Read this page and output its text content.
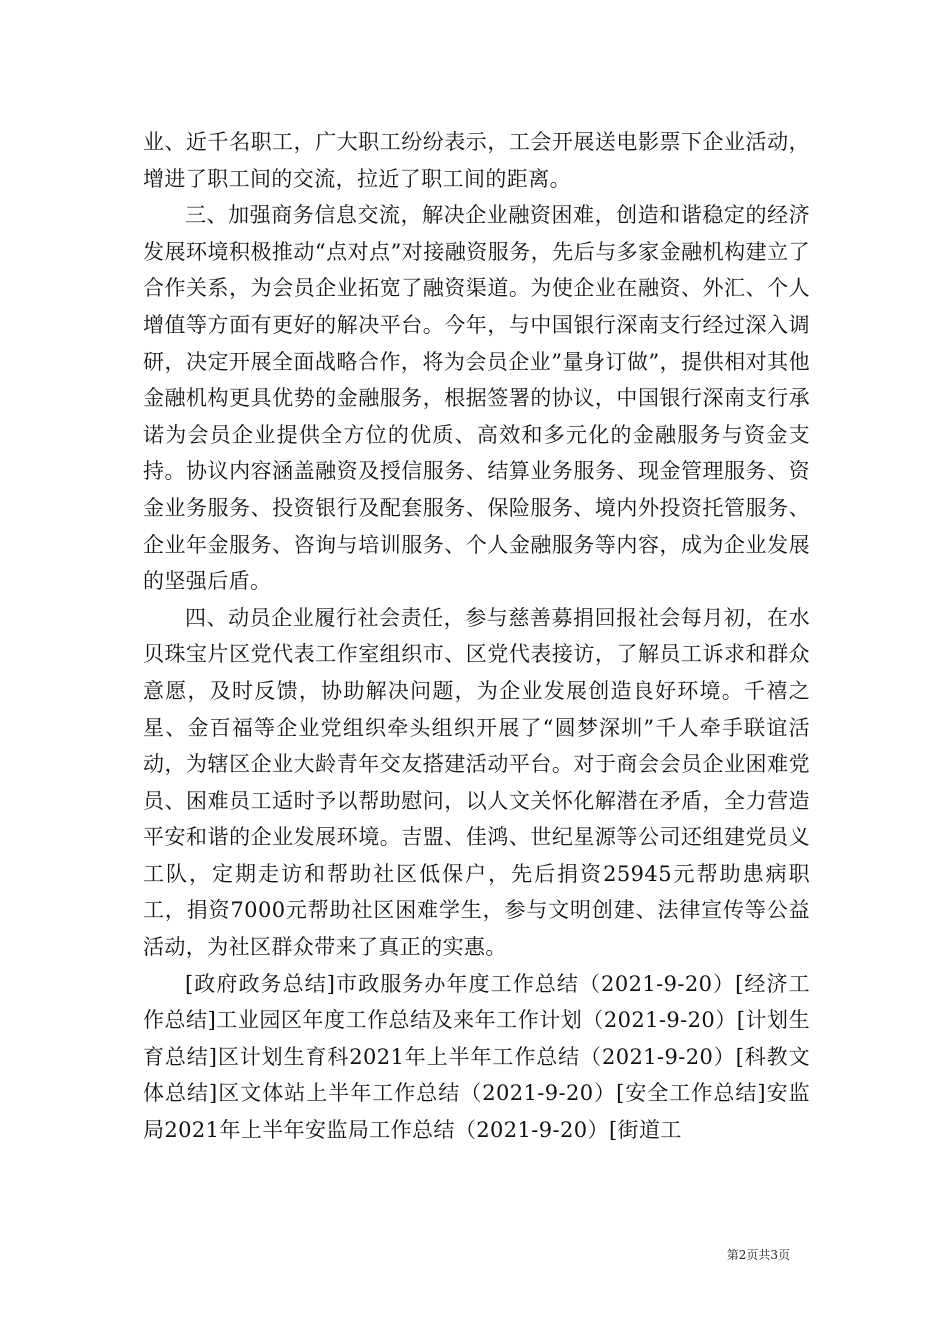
业、近千名职工，广大职工纷纷表示，工会开展送电影票下企业活动，增进了职工间的交流，拉近了职工间的距离。

三、加强商务信息交流，解决企业融资困难，创造和谐稳定的经济发展环境积极推动“点对点”对接融资服务，先后与多家金融机构建立了合作关系，为会员企业拓宽了融资渠道。为使企业在融资、外汇、个人增值等方面有更好的解决平台。今年，与中国银行深南支行经过深入调研，决定开展全面战略合作，将为会员企业”量身订做”，提供相对其他金融机构更具优势的金融服务，根据签署的协议，中国银行深南支行承诺为会员企业提供全方位的优质、高效和多元化的金融服务与资金支持。协议内容涵盖融资及授信服务、结算业务服务、现金管理服务、资金业务服务、投资银行及配套服务、保险服务、境内外投资托管服务、企业年金服务、咨询与培训服务、个人金融服务等内容，成为企业发展的坚强后盾。

四、动员企业履行社会责任，参与慈善募捐回报社会每月初，在水贝珠宝片区党代表工作室组织市、区党代表接访，了解员工诉求和群众意愿，及时反馈，协助解决问题，为企业发展创造良好环境。千禧之星、金百福等企业党组织牵头组织开展了“圆梦深圳”千人牵手联谊活动，为辖区企业大龄青年交友搭建活动平台。对于商会会员企业困难党员、困难员工适时予以帮助慰问，以人文关怀化解潜在矛盾，全力营造平安和谐的企业发展环境。吉盟、佳鸿、世纪星源等公司还组建党员义工队，定期走访和帮助社区低保户，先后捐资25945元帮助患病职工，捐资7000元帮助社区困难学生，参与文明创建、法律宣传等公益活动，为社区群众带来了真正的实惠。

[政府政务总结]市政服务办年度工作总结（2021-9-20）[经济工作总结]工业园区年度工作总结及来年工作计划（2021-9-20）[计划生育总结]区计划生育科2021年上半年工作总结（2021-9-20）[科教文体总结]区文体站上半年工作总结（2021-9-20）[安全工作总结]安监局2021年上半年安监局工作总结（2021-9-20）[街道工

第2页共3页
